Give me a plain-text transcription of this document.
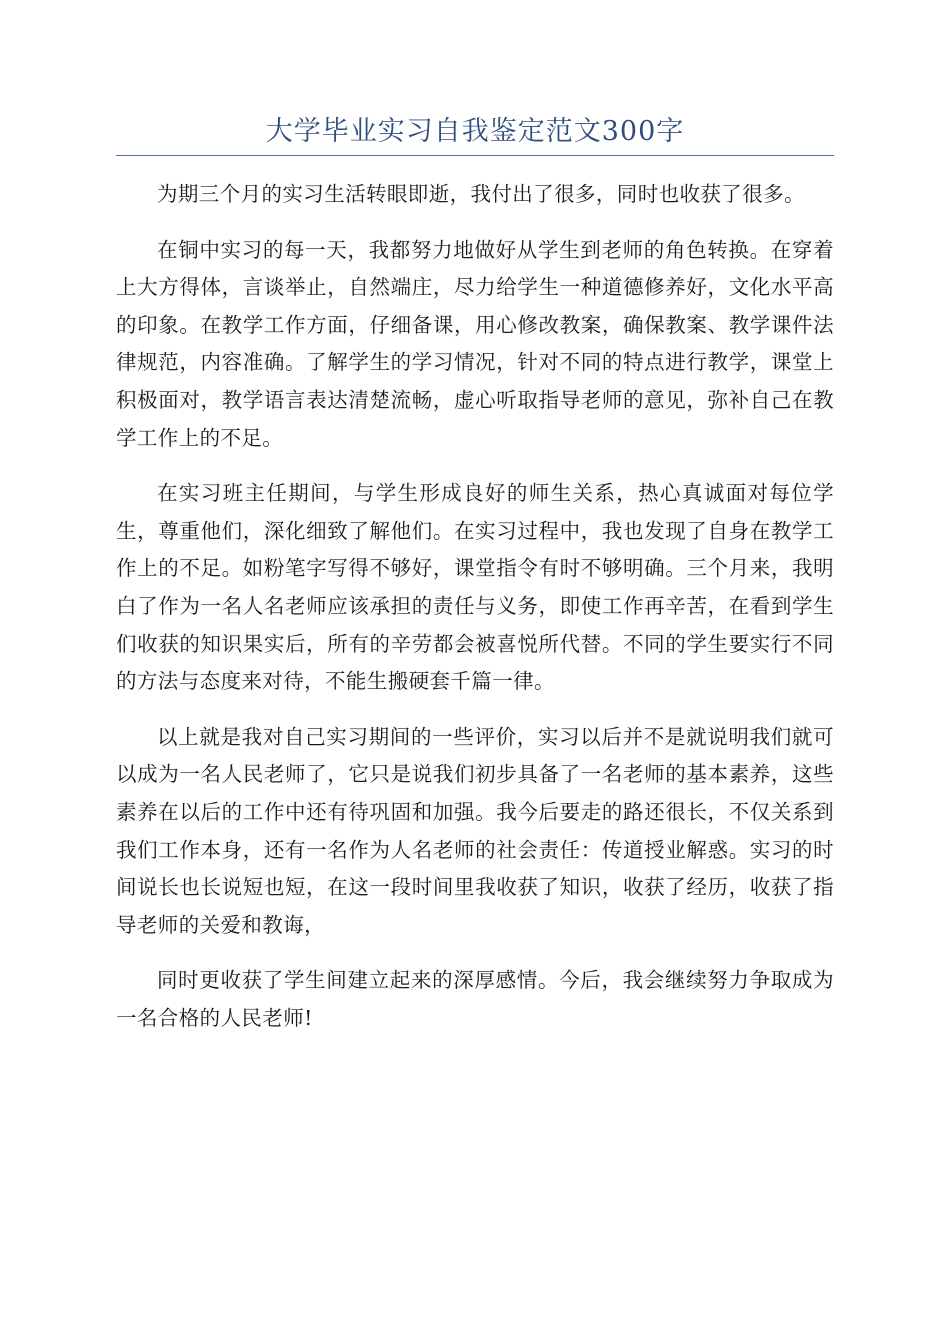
大学毕业实习自我鉴定范文300字

为期三个月的实习生活转眼即逝，我付出了很多，同时也收获了很多。

在铜中实习的每一天，我都努力地做好从学生到老师的角色转换。在穿着上大方得体，言谈举止，自然端庄，尽力给学生一种道德修养好，文化水平高的印象。在教学工作方面，仔细备课，用心修改教案，确保教案、教学课件法律规范，内容准确。了解学生的学习情况，针对不同的特点进行教学，课堂上积极面对，教学语言表达清楚流畅，虚心听取指导老师的意见，弥补自己在教学工作上的不足。

在实习班主任期间，与学生形成良好的师生关系，热心真诚面对每位学生，尊重他们，深化细致了解他们。在实习过程中，我也发现了自身在教学工作上的不足。如粉笔字写得不够好，课堂指令有时不够明确。三个月来，我明白了作为一名人名老师应该承担的责任与义务，即使工作再辛苦，在看到学生们收获的知识果实后，所有的辛劳都会被喜悦所代替。不同的学生要实行不同的方法与态度来对待，不能生搬硬套千篇一律。

以上就是我对自己实习期间的一些评价，实习以后并不是就说明我们就可以成为一名人民老师了，它只是说我们初步具备了一名老师的基本素养，这些素养在以后的工作中还有待巩固和加强。我今后要走的路还很长，不仅关系到我们工作本身，还有一名作为人名老师的社会责任：传道授业解惑。实习的时间说长也长说短也短，在这一段时间里我收获了知识，收获了经历，收获了指导老师的关爱和教诲，

同时更收获了学生间建立起来的深厚感情。今后，我会继续努力争取成为一名合格的人民老师!
